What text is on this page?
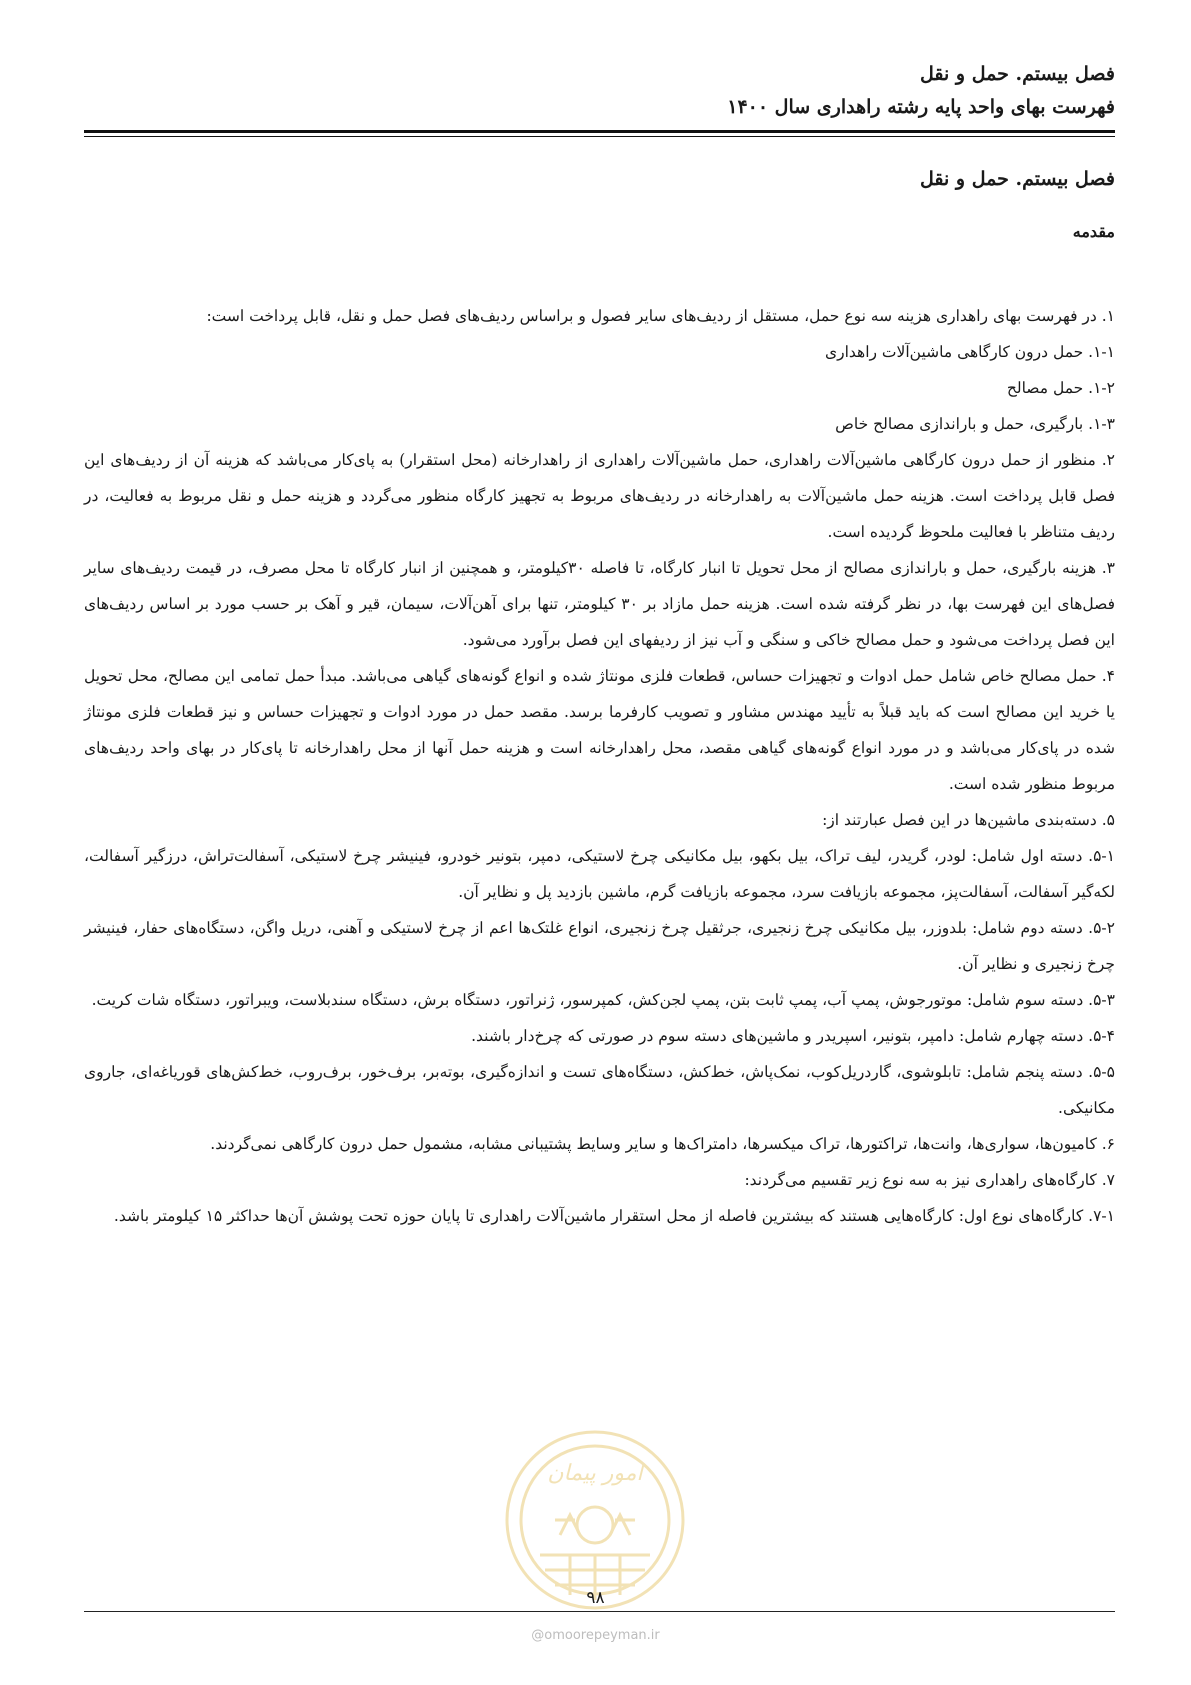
فصل بیستم. حمل و نقل
فهرست بهای واحد پایه رشته راهداری سال ۱۴۰۰
فصل بیستم. حمل و نقل
مقدمه

۱. در فهرست بهای راهداری هزینه سه نوع حمل، مستقل از ردیف‌های سایر فصول و براساس ردیف‌های فصل حمل و نقل، قابل پرداخت است:

۱-۱. حمل درون کارگاهی ماشین‌آلات راهداری

۱-۲. حمل مصالح

۱-۳. بارگیری، حمل و باراندازی مصالح خاص

۲. منظور از حمل درون کارگاهی ماشین‌آلات راهداری، حمل ماشین‌آلات راهداری از راهدارخانه (محل استقرار) به پای‌کار می‌باشد که هزینه آن از ردیف‌های این فصل قابل پرداخت است. هزینه حمل ماشین‌آلات به راهدارخانه در ردیف‌های مربوط به تجهیز کارگاه منظور می‌گردد و هزینه حمل و نقل مربوط به فعالیت، در ردیف متناظر با فعالیت ملحوظ گردیده است.

۳. هزینه بارگیری، حمل و باراندازی مصالح از محل تحویل تا انبار کارگاه، تا فاصله ۳۰کیلومتر، و همچنین از انبار کارگاه تا محل مصرف، در قیمت ردیف‌های سایر فصل‌های این فهرست بها، در نظر گرفته شده است. هزینه حمل مازاد بر ۳۰ کیلومتر، تنها برای آهن‌آلات، سیمان، قیر و آهک بر حسب مورد بر اساس ردیف‌های این فصل پرداخت می‌شود و حمل مصالح خاکی و سنگی و آب نیز از ردیفهای این فصل برآورد می‌شود.

۴. حمل مصالح خاص شامل حمل ادوات و تجهیزات حساس، قطعات فلزی مونتاژ شده و انواع گونه‌های گیاهی می‌باشد. مبدأ حمل تمامی این مصالح، محل تحویل یا خرید این مصالح است که باید قبلاً به تأیید مهندس مشاور و تصویب کارفرما برسد. مقصد حمل در مورد ادوات و تجهیزات حساس و نیز قطعات فلزی مونتاژ شده در پای‌کار می‌باشد و در مورد انواع گونه‌های گیاهی مقصد، محل راهدارخانه است و هزینه حمل آنها از محل راهدارخانه تا پای‌کار در بهای واحد ردیف‌های مربوط منظور شده است.

۵. دسته‌بندی ماشین‌ها در این فصل عبارتند از:

۵-۱. دسته اول شامل: لودر، گریدر، لیف تراک، بیل بکهو، بیل مکانیکی چرخ لاستیکی، دمپر، بتونیر خودرو، فینیشر چرخ لاستیکی، آسفالت‌تراش، درزگیر آسفالت، لکه‌گیر آسفالت، آسفالت‌پز، مجموعه بازیافت سرد، مجموعه بازیافت گرم، ماشین بازدید پل و نظایر آن.

۵-۲. دسته دوم شامل: بلدوزر، بیل مکانیکی چرخ زنجیری، جرثقیل چرخ زنجیری، انواع غلتک‌ها اعم از چرخ لاستیکی و آهنی، دریل واگن، دستگاه‌های حفار، فینیشر چرخ زنجیری و نظایر آن.

۵-۳. دسته سوم شامل: موتورجوش، پمپ آب، پمپ ثابت بتن، پمپ لجن‌کش، کمپرسور، ژنراتور، دستگاه برش، دستگاه سندبلاست، ویبراتور، دستگاه شات کریت.

۵-۴. دسته چهارم شامل: دامپر، بتونیر، اسپریدر و ماشین‌های دسته سوم در صورتی که چرخ‌دار باشند.

۵-۵. دسته پنجم شامل: تابلوشوی، گاردریل‌کوب، نمک‌پاش، خط‌کش، دستگاه‌های تست و اندازه‌گیری، بوته‌بر، برف‌خور، برف‌روب، خط‌کش‌های قوریاغه‌ای، جاروی مکانیکی.

۶. کامیون‌ها، سواری‌ها، وانت‌ها، تراکتورها، تراک میکسرها، دامتراک‌ها و سایر وسایط پشتیبانی مشابه، مشمول حمل درون کارگاهی نمی‌گردند.

۷. کارگاه‌های راهداری نیز به سه نوع زیر تقسیم می‌گردند:

۷-۱. کارگاه‌های نوع اول: کارگاه‌هایی هستند که بیشترین فاصله از محل استقرار ماشین‌آلات راهداری تا پایان حوزه تحت پوشش آن‌ها حداکثر ۱۵ کیلومتر باشد.

امور پیمان
۹۸
@omoorepeyman.ir
